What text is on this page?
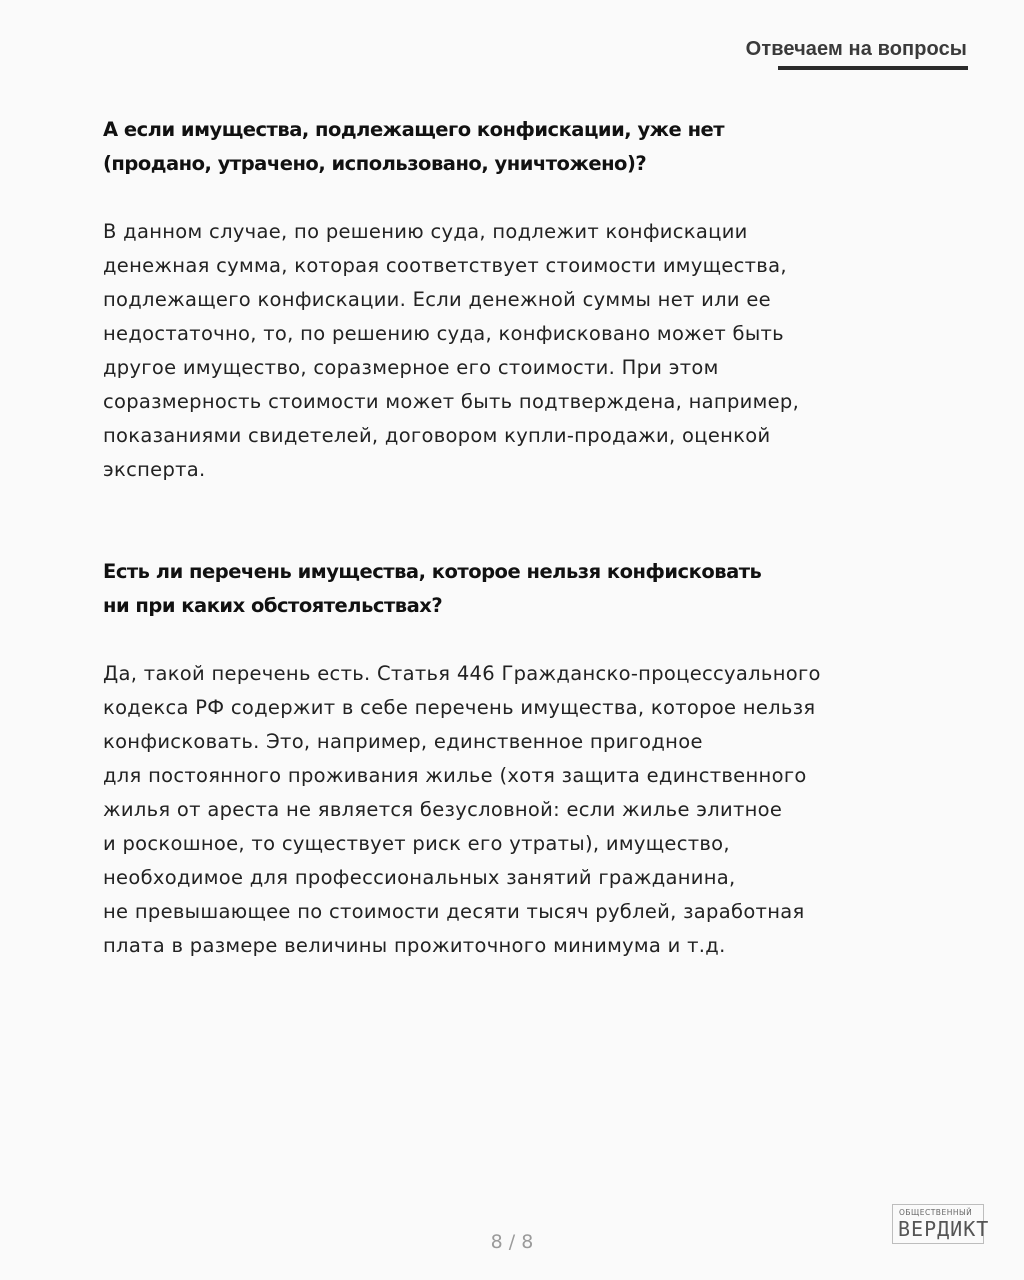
Отвечаем на вопросы
А если имущества, подлежащего конфискации, уже нет
(продано, утрачено, использовано, уничтожено)?
В данном случае, по решению суда, подлежит конфискации
денежная сумма, которая соответствует стоимости имущества,
подлежащего конфискации. Если денежной суммы нет или ее
недостаточно, то, по решению суда, конфисковано может быть
другое имущество, соразмерное его стоимости. При этом
соразмерность стоимости может быть подтверждена, например,
показаниями свидетелей, договором купли-продажи, оценкой
эксперта.
Есть ли перечень имущества, которое нельзя конфисковать
ни при каких обстоятельствах?
Да, такой перечень есть. Статья 446 Гражданско-процессуального
кодекса РФ содержит в себе перечень имущества, которое нельзя
конфисковать. Это, например, единственное пригодное
для постоянного проживания жилье (хотя защита единственного
жилья от ареста не является безусловной: если жилье элитное
и роскошное, то существует риск его утраты), имущество,
необходимое для профессиональных занятий гражданина,
не превышающее по стоимости десяти тысяч рублей, заработная
плата в размере величины прожиточного минимума и т.д.
8 / 8
ОБЩЕСТВЕННЫЙ
ВЕРДИКТ
